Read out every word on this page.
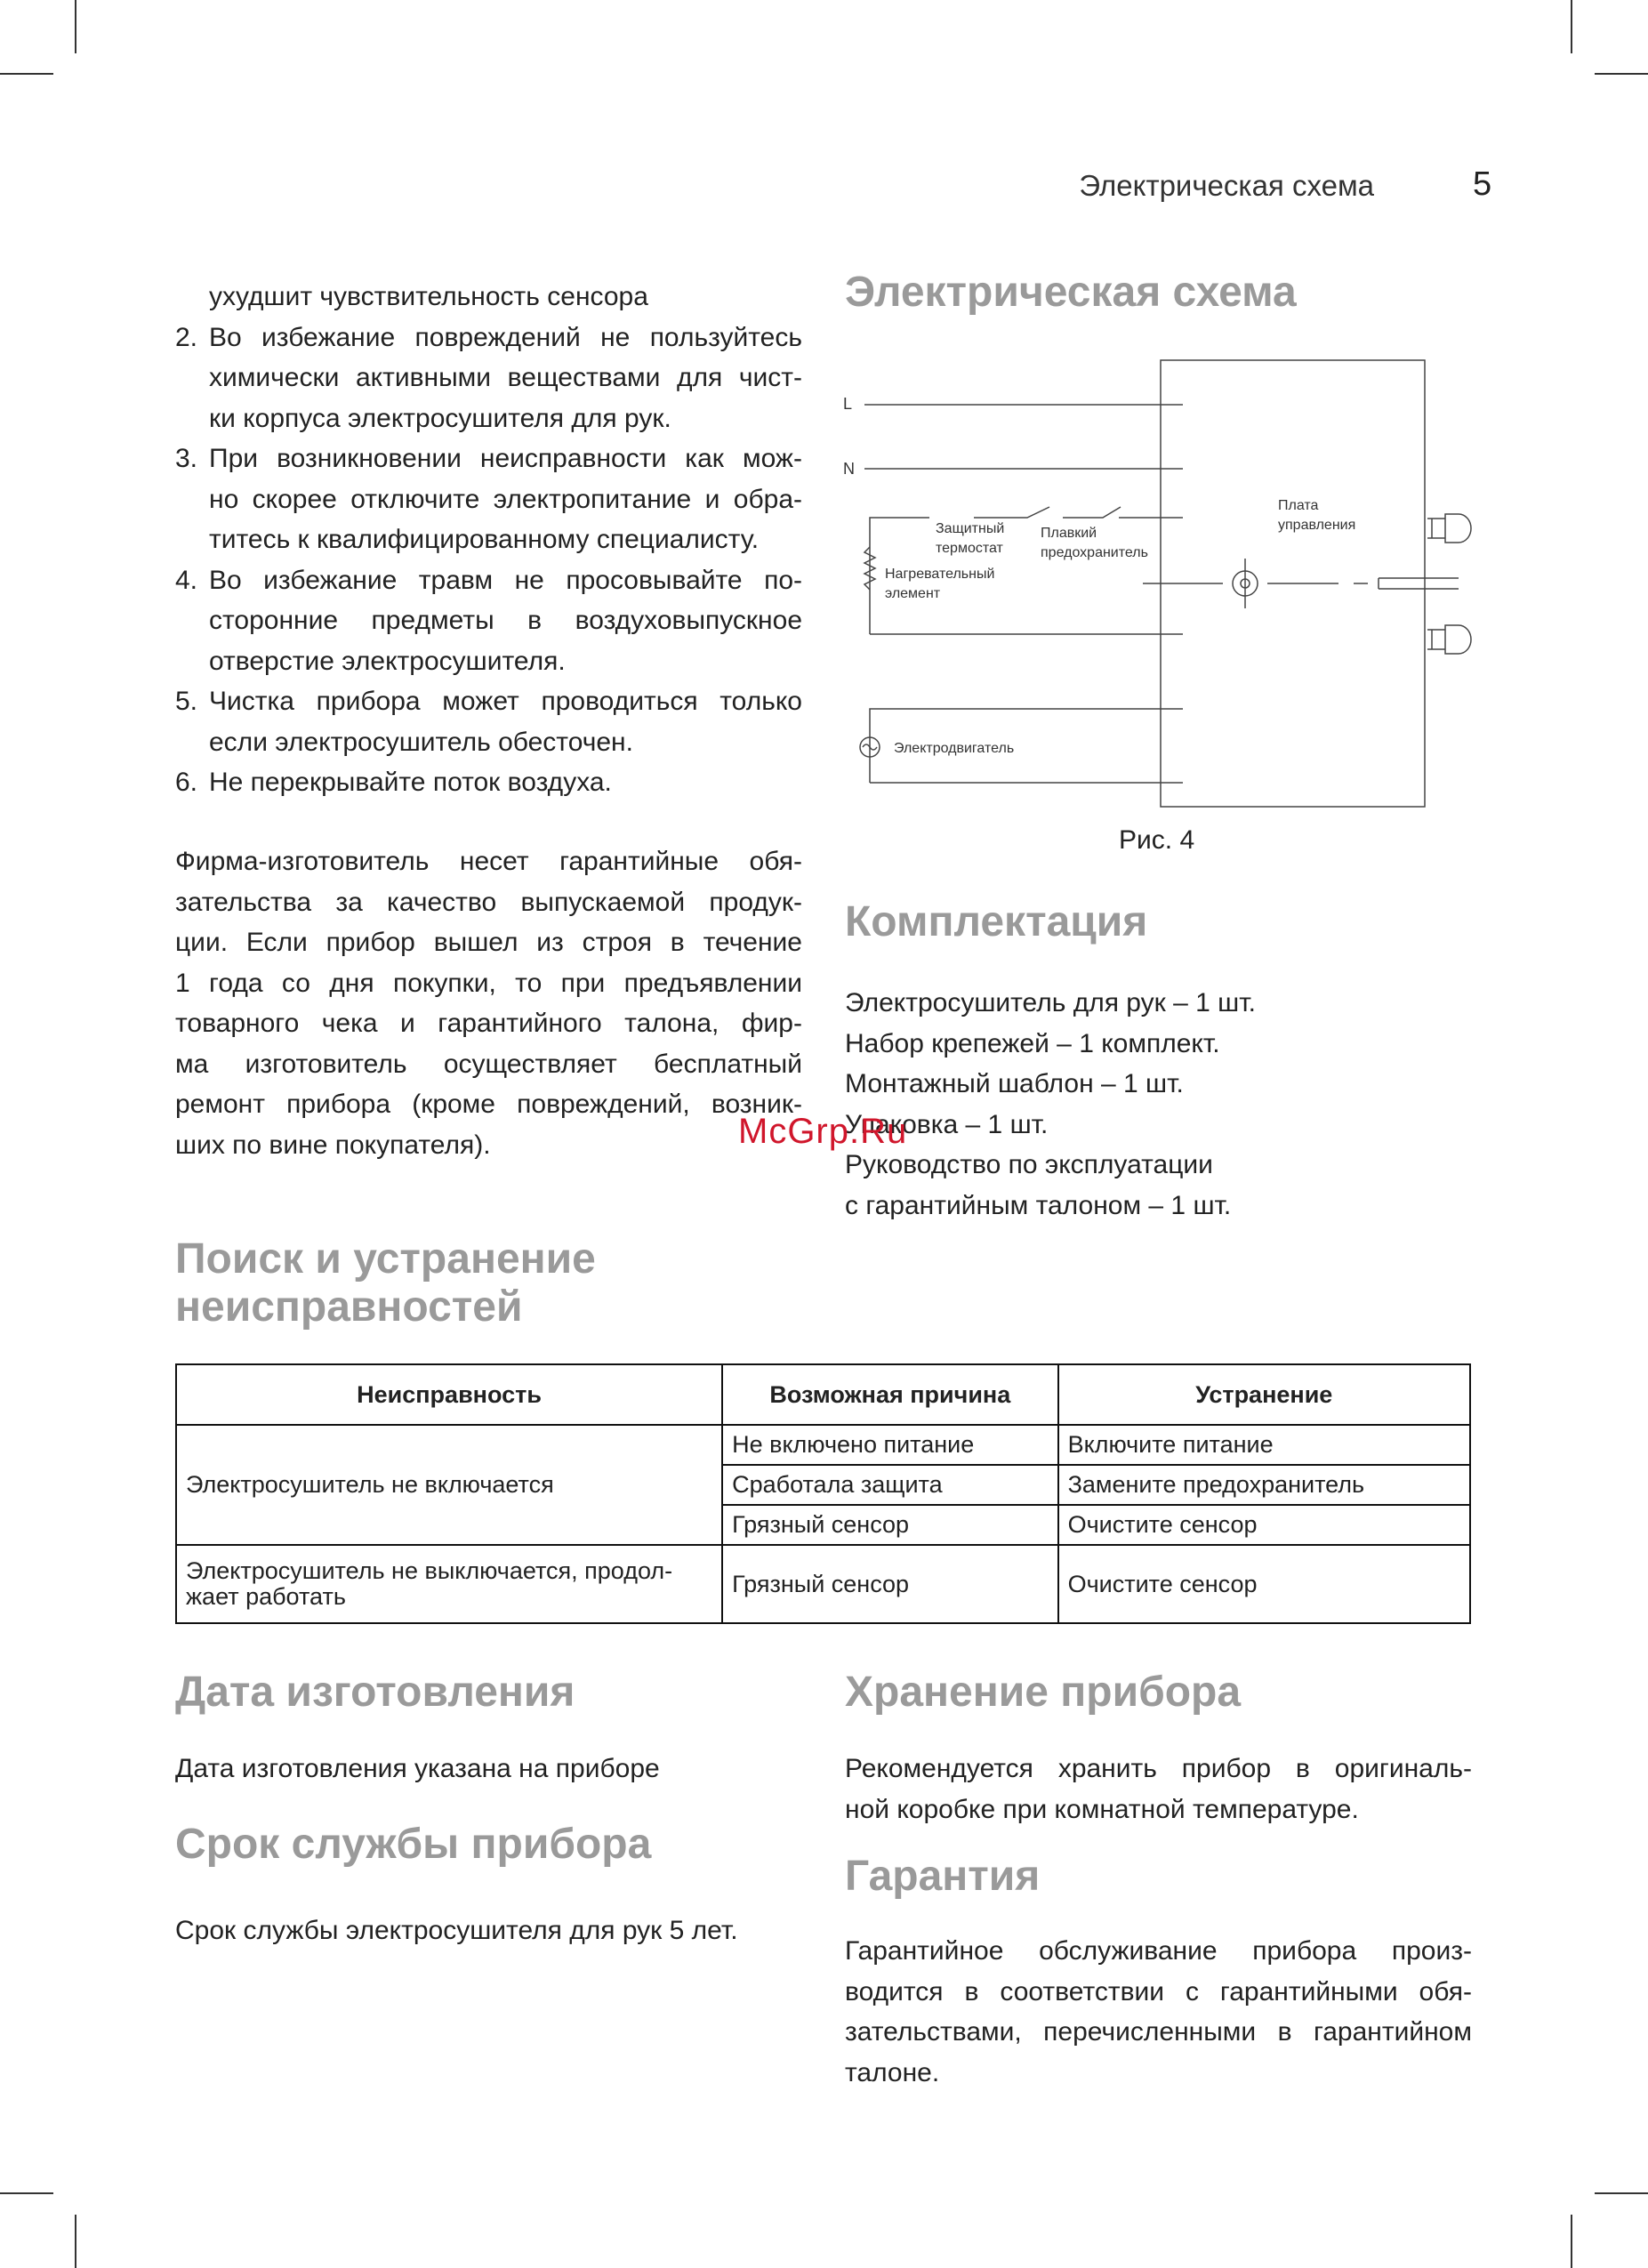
Электрическая схема	5
ухудшит чувствительность сенсора
2. Во избежание повреждений не пользуйтесь
химически активными веществами для чист-
ки корпуса электросушителя для рук.
3. При возникновении неисправности как мож-
но скорее отключите электропитание и обра-
титесь к квалифицированному специалисту.
4. Во избежание травм не просовывайте по-
сторонние предметы в воздуховыпускное
отверстие электросушителя.
5. Чистка прибора может проводиться только
если электросушитель обесточен.
6. Не перекрывайте поток воздуха.
Фирма-изготовитель несет гарантийные обя-
зательства за качество выпускаемой продук-
ции. Если прибор вышел из строя в течение
1 года со дня покупки, то при предъявлении
товарного чека и гарантийного талона, фир-
ма изготовитель осуществляет бесплатный
ремонт прибора (кроме повреждений, возник-
ших по вине покупателя).
Электрическая схема
L
N
Защитный
термостат
Плавкий
предохранитель
Нагревательный
элемент
Плата
управления
Электродвигатель
Рис. 4
Комплектация
Электросушитель для рук – 1 шт.
Набор крепежей – 1 комплект.
Монтажный шаблон – 1 шт.
Упаковка – 1 шт.
Руководство по эксплуатации
с гарантийным талоном – 1 шт.
McGrp.Ru
Поиск и устранение
неисправностей
Неисправность	Возможная причина	Устранение
Электросушитель не включается	Не включено питание	Включите питание
	Сработала защита	Замените предохранитель
	Грязный сенсор	Очистите сенсор

Электросушитель не выключается, продол-
жает работать	Грязный сенсор	Очистите сенсор
Дата изготовления
Дата изготовления указана на приборе
Срок службы прибора
Срок службы электросушителя для рук 5 лет.
Хранение прибора
Рекомендуется хранить прибор в оригиналь-
ной коробке при комнатной температуре.
Гарантия
Гарантийное обслуживание прибора произ-
водится в соответствии с гарантийными обя-
зательствами, перечисленными в гарантийном
талоне.
